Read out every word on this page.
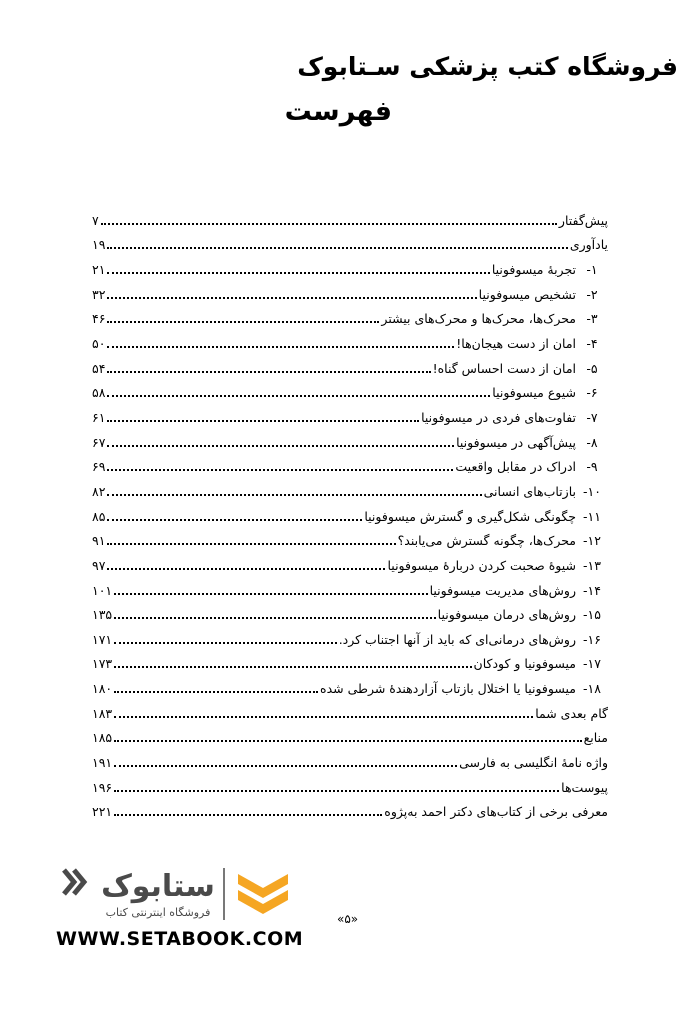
فروشگاه کتب پزشکی سـتابوک
فهرست
پیش‌گفتار
۷
یادآوری
۱۹
۱-
تجربهٔ میسوفونیا
۲۱
۲-
تشخیص میسوفونیا
۳۲
۳-
محرک‌ها، محرک‌ها و محرک‌های بیشتر
۴۶
۴-
امان از دست هیجان‌ها!
۵۰
۵-
امان از دست احساس گناه!
۵۴
۶-
شیوع میسوفونیا
۵۸
۷-
تفاوت‌های فردی در میسوفونیا
۶۱
۸-
پیش‌آگهی در میسوفونیا
۶۷
۹-
ادراک در مقابل واقعیت
۶۹
۱۰-
بازتاب‌های انسانی
۸۲
۱۱-
چگونگی شکل‌گیری و گسترش میسوفونیا
۸۵
۱۲-
محرک‌ها، چگونه گسترش می‌یابند؟
۹۱
۱۳-
شیوهٔ صحبت کردن دربارهٔ میسوفونیا
۹۷
۱۴-
روش‌های مدیریت میسوفونیا
۱۰۱
۱۵-
روش‌های درمان میسوفونیا
۱۳۵
۱۶-
روش‌های درمانی‌ای که باید از آنها اجتناب کرد.
۱۷۱
۱۷-
میسوفونیا و کودکان
۱۷۳
۱۸-
میسوفونیا یا اختلال بازتاب آزاردهندهٔ شرطی شده
۱۸۰
گام بعدی شما
۱۸۳
منابع
۱۸۵
واژه نامهٔ انگلیسی به فارسی
۱۹۱
پیوست‌ها
۱۹۶
معرفی برخی از کتاب‌های دکتر احمد به‌پژوه
۲۲۱
ستابوک
فروشگاه اینترنتی کتاب
WWW.SETABOOK.COM
«۵»
